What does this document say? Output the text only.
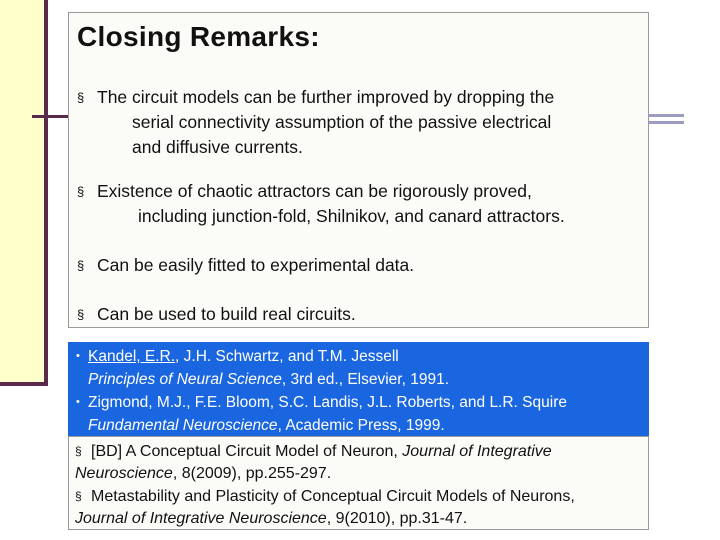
Closing Remarks:
§ The circuit models can be further improved by dropping the
serial connectivity assumption of the passive electrical
and diffusive currents.
§ Existence of chaotic attractors can be rigorously proved,
including junction-fold, Shilnikov, and canard attractors.
§ Can be easily fitted to experimental data.
§ Can be used to build real circuits.
• Kandel, E.R., J.H. Schwartz, and T.M. Jessell
Principles of Neural Science, 3rd ed., Elsevier, 1991.
• Zigmond, M.J., F.E. Bloom, S.C. Landis, J.L. Roberts, and L.R. Squire
Fundamental Neuroscience, Academic Press, 1999.
§ [BD] A Conceptual Circuit Model of Neuron, Journal of Integrative
Neuroscience, 8(2009), pp.255-297.
§ Metastability and Plasticity of Conceptual Circuit Models of Neurons,
Journal of Integrative Neuroscience, 9(2010), pp.31-47.
